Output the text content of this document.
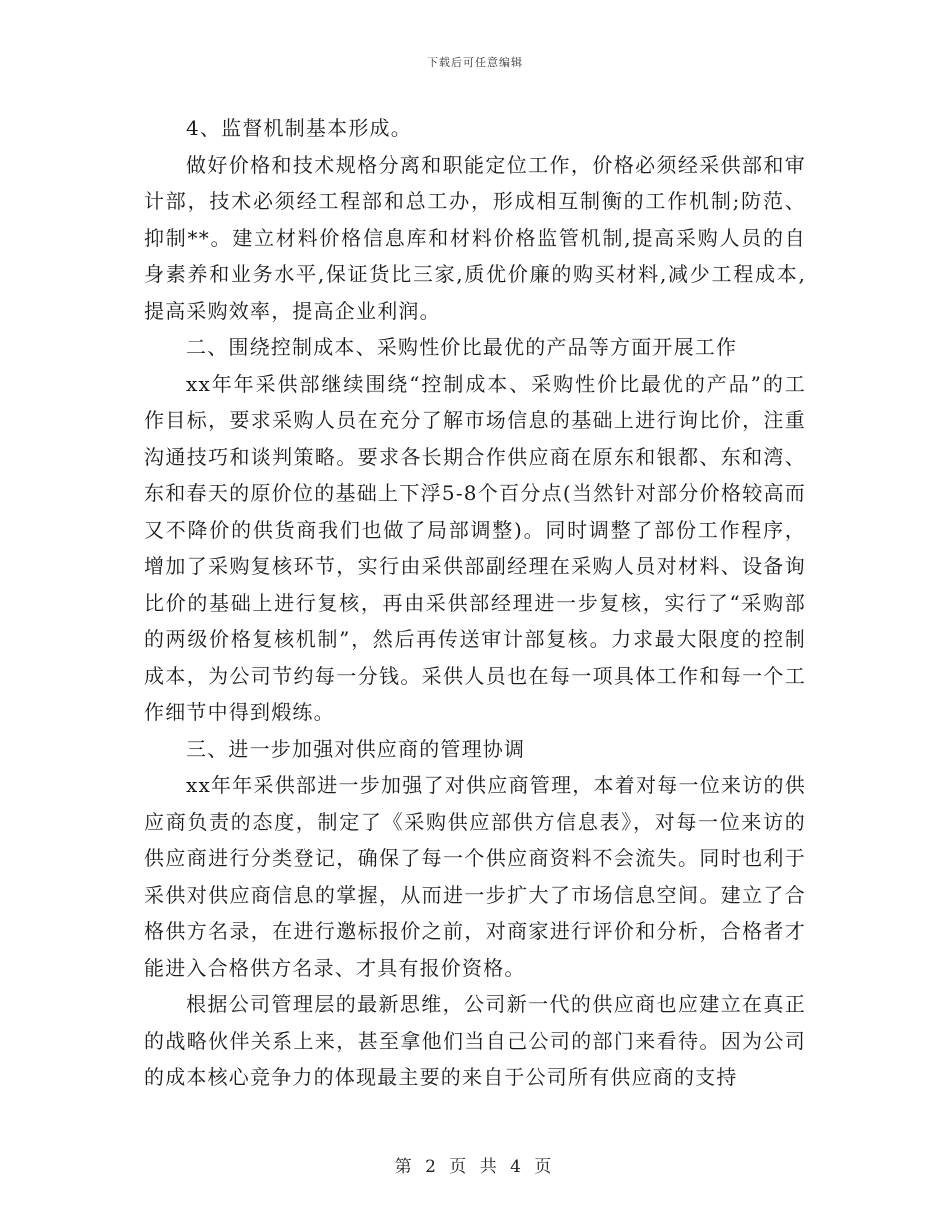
下载后可任意编辑

4、监督机制基本形成。

做好价格和技术规格分离和职能定位工作，价格必须经采供部和审计部，技术必须经工程部和总工办，形成相互制衡的工作机制;防范、抑制**。建立材料价格信息库和材料价格监管机制,提高采购人员的自身素养和业务水平,保证货比三家,质优价廉的购买材料,减少工程成本,提高采购效率，提高企业利润。

二、围绕控制成本、采购性价比最优的产品等方面开展工作

xx年年采供部继续围绕“控制成本、采购性价比最优的产品”的工作目标，要求采购人员在充分了解市场信息的基础上进行询比价，注重沟通技巧和谈判策略。要求各长期合作供应商在原东和银都、东和湾、东和春天的原价位的基础上下浮5-8个百分点(当然针对部分价格较高而又不降价的供货商我们也做了局部调整)。同时调整了部份工作程序，增加了采购复核环节，实行由采供部副经理在采购人员对材料、设备询比价的基础上进行复核，再由采供部经理进一步复核，实行了“采购部的两级价格复核机制”，然后再传送审计部复核。力求最大限度的控制成本，为公司节约每一分钱。采供人员也在每一项具体工作和每一个工作细节中得到煅练。

三、进一步加强对供应商的管理协调

xx年年采供部进一步加强了对供应商管理，本着对每一位来访的供应商负责的态度，制定了《采购供应部供方信息表》，对每一位来访的供应商进行分类登记，确保了每一个供应商资料不会流失。同时也利于采供对供应商信息的掌握，从而进一步扩大了市场信息空间。建立了合格供方名录，在进行邀标报价之前，对商家进行评价和分析，合格者才能进入合格供方名录、才具有报价资格。

根据公司管理层的最新思维，公司新一代的供应商也应建立在真正的战略伙伴关系上来，甚至拿他们当自己公司的部门来看待。因为公司的成本核心竞争力的体现最主要的来自于公司所有供应商的支持

第 2 页 共 4 页
